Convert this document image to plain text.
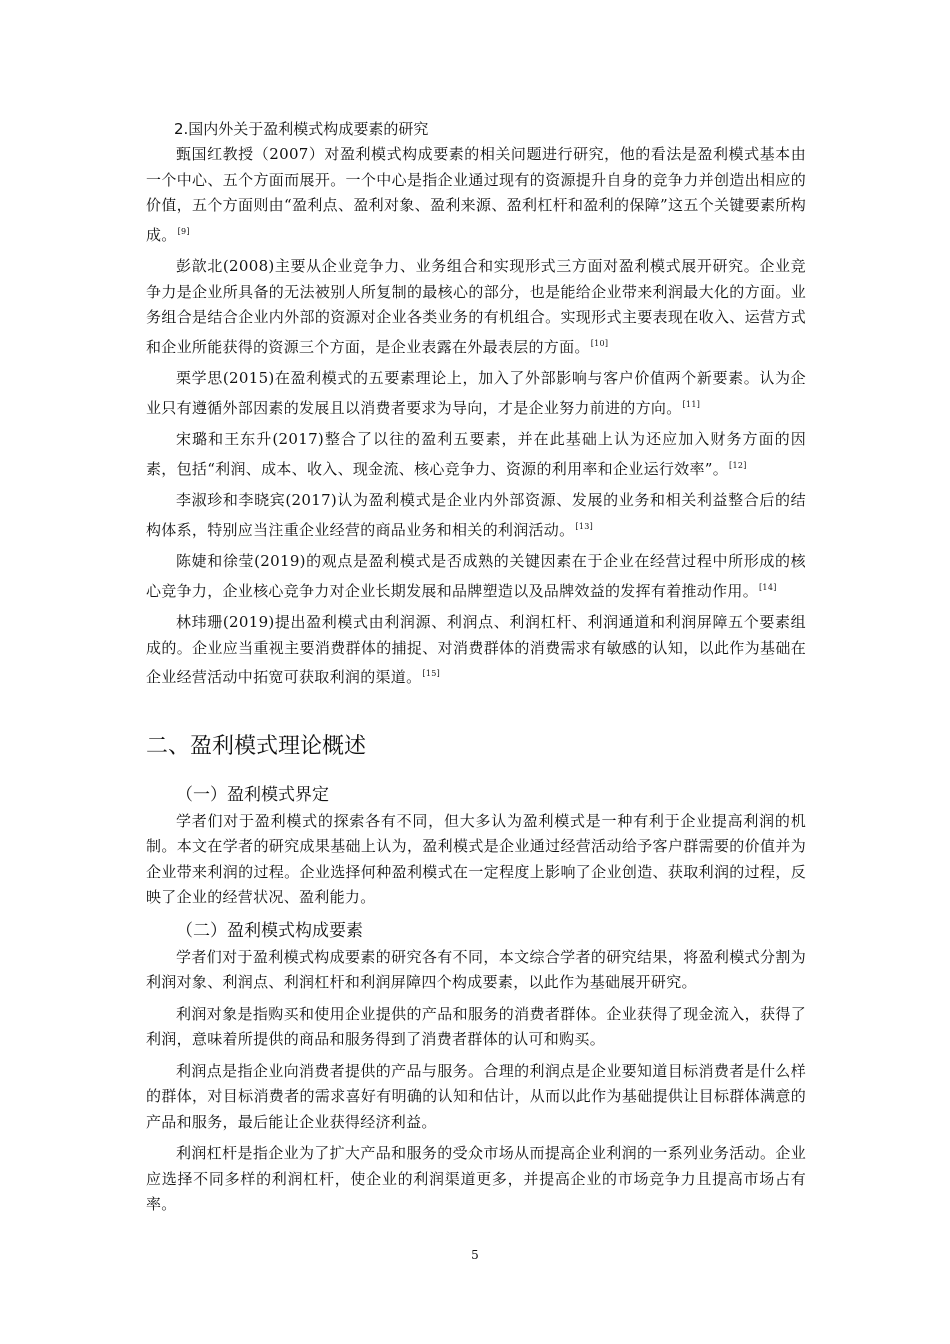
2.国内外关于盈利模式构成要素的研究

甄国红教授（2007）对盈利模式构成要素的相关问题进行研究，他的看法是盈利模式基本由一个中心、五个方面而展开。一个中心是指企业通过现有的资源提升自身的竞争力并创造出相应的价值，五个方面则由“盈利点、盈利对象、盈利来源、盈利杠杆和盈利的保障”这五个关键要素所构成。[9]

彭歆北(2008)主要从企业竞争力、业务组合和实现形式三方面对盈利模式展开研究。企业竞争力是企业所具备的无法被别人所复制的最核心的部分，也是能给企业带来利润最大化的方面。业务组合是结合企业内外部的资源对企业各类业务的有机组合。实现形式主要表现在收入、运营方式和企业所能获得的资源三个方面，是企业表露在外最表层的方面。[10]

栗学思(2015)在盈利模式的五要素理论上，加入了外部影响与客户价值两个新要素。认为企业只有遵循外部因素的发展且以消费者要求为导向，才是企业努力前进的方向。[11]

宋璐和王东升(2017)整合了以往的盈利五要素，并在此基础上认为还应加入财务方面的因素，包括“利润、成本、收入、现金流、核心竞争力、资源的利用率和企业运行效率”。[12]

李淑珍和李晓宾(2017)认为盈利模式是企业内外部资源、发展的业务和相关利益整合后的结构体系，特别应当注重企业经营的商品业务和相关的利润活动。[13]

陈婕和徐莹(2019)的观点是盈利模式是否成熟的关键因素在于企业在经营过程中所形成的核心竞争力，企业核心竞争力对企业长期发展和品牌塑造以及品牌效益的发挥有着推动作用。[14]

林玮珊(2019)提出盈利模式由利润源、利润点、利润杠杆、利润通道和利润屏障五个要素组成的。企业应当重视主要消费群体的捕捉、对消费群体的消费需求有敏感的认知，以此作为基础在企业经营活动中拓宽可获取利润的渠道。[15]

二、盈利模式理论概述
（一）盈利模式界定

学者们对于盈利模式的探索各有不同，但大多认为盈利模式是一种有利于企业提高利润的机制。本文在学者的研究成果基础上认为，盈利模式是企业通过经营活动给予客户群需要的价值并为企业带来利润的过程。企业选择何种盈利模式在一定程度上影响了企业创造、获取利润的过程，反映了企业的经营状况、盈利能力。

（二）盈利模式构成要素

学者们对于盈利模式构成要素的研究各有不同，本文综合学者的研究结果，将盈利模式分割为利润对象、利润点、利润杠杆和利润屏障四个构成要素，以此作为基础展开研究。

利润对象是指购买和使用企业提供的产品和服务的消费者群体。企业获得了现金流入，获得了利润，意味着所提供的商品和服务得到了消费者群体的认可和购买。

利润点是指企业向消费者提供的产品与服务。合理的利润点是企业要知道目标消费者是什么样的群体，对目标消费者的需求喜好有明确的认知和估计，从而以此作为基础提供让目标群体满意的产品和服务，最后能让企业获得经济利益。

利润杠杆是指企业为了扩大产品和服务的受众市场从而提高企业利润的一系列业务活动。企业应选择不同多样的利润杠杆，使企业的利润渠道更多，并提高企业的市场竞争力且提高市场占有率。

5
